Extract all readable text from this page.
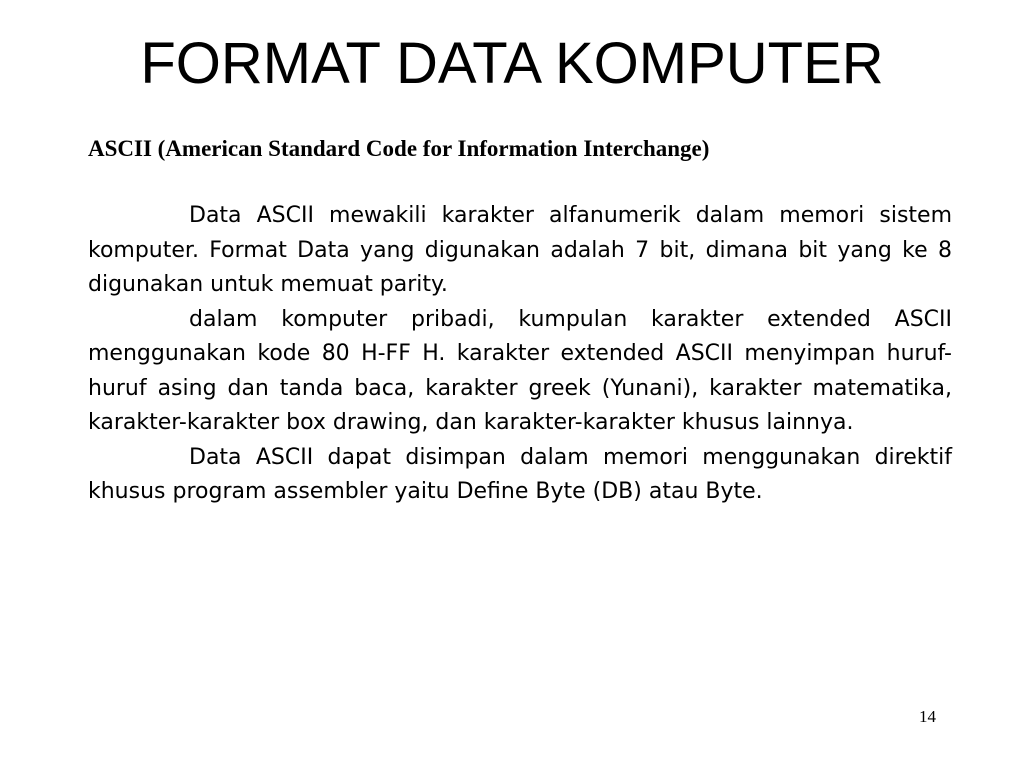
FORMAT DATA KOMPUTER

ASCII (American Standard Code for Information Interchange)

Data ASCII mewakili karakter alfanumerik dalam memori sistem komputer. Format Data yang digunakan adalah 7 bit, dimana bit yang ke 8 digunakan untuk memuat parity.

dalam komputer pribadi, kumpulan karakter extended ASCII menggunakan kode 80 H-FF H. karakter extended ASCII menyimpan huruf-huruf asing dan tanda baca, karakter greek (Yunani), karakter matematika, karakter-karakter box drawing, dan karakter-karakter khusus lainnya.

Data ASCII dapat disimpan dalam memori menggunakan direktif khusus program assembler yaitu Define Byte (DB) atau Byte.

14
